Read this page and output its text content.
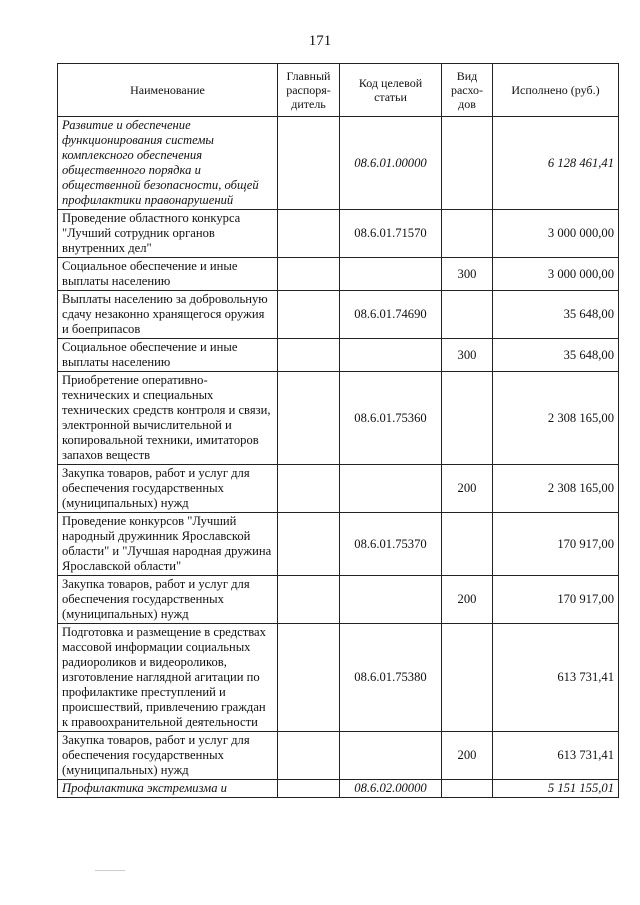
171
Наименование	Главный распоря-дитель	Код целевой статьи	Вид расхо-дов	Исполнено (руб.)
Развитие и обеспечение функционирования системы комплексного обеспечения общественного порядка и общественной безопасности, общей профилактики правонарушений		08.6.01.00000		6 128 461,41
Проведение областного конкурса "Лучший сотрудник органов внутренних дел"		08.6.01.71570		3 000 000,00
Социальное обеспечение и иные выплаты населению			300	3 000 000,00
Выплаты населению за добровольную сдачу незаконно хранящегося оружия и боеприпасов		08.6.01.74690		35 648,00
Социальное обеспечение и иные выплаты населению			300	35 648,00
Приобретение оперативно-технических и специальных технических средств контроля и связи, электронной вычислительной и копировальной техники, имитаторов запахов веществ		08.6.01.75360		2 308 165,00
Закупка товаров, работ и услуг для обеспечения государственных (муниципальных) нужд			200	2 308 165,00
Проведение конкурсов "Лучший народный дружинник Ярославской области" и "Лучшая народная дружина Ярославской области"		08.6.01.75370		170 917,00
Закупка товаров, работ и услуг для обеспечения государственных (муниципальных) нужд			200	170 917,00
Подготовка и размещение в средствах массовой информации социальных радиороликов и видеороликов, изготовление наглядной агитации по профилактике преступлений и происшествий, привлечению граждан к правоохранительной деятельности		08.6.01.75380		613 731,41
Закупка товаров, работ и услуг для обеспечения государственных (муниципальных) нужд			200	613 731,41
Профилактика экстремизма и		08.6.02.00000		5 151 155,01
